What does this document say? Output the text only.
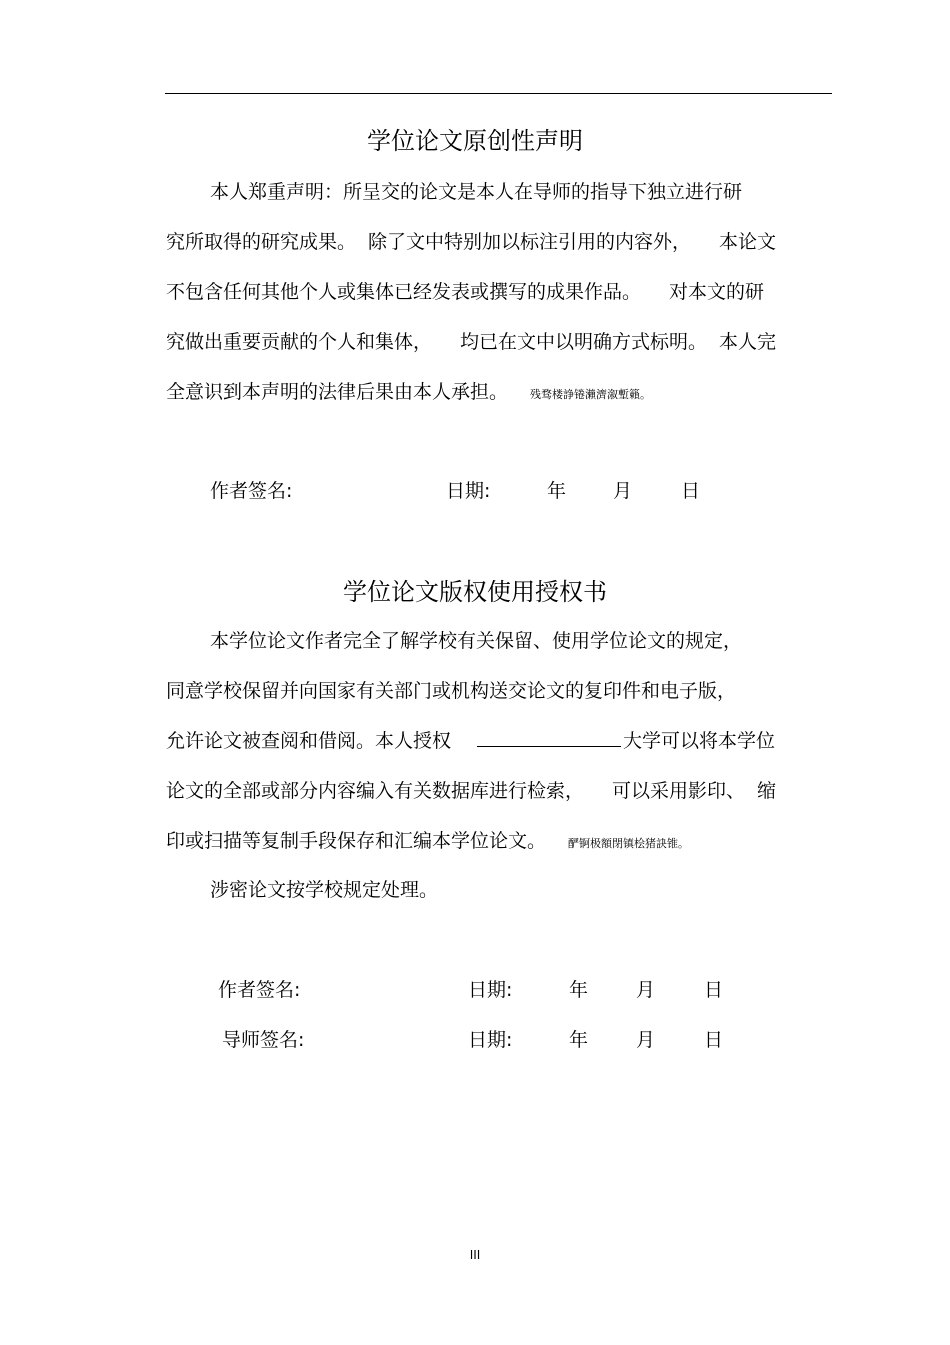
学位论文原创性声明
本人郑重声明：所呈交的论文是本人在导师的指导下独立进行研
究所取得的研究成果。 除了文中特别加以标注引用的内容外， 本论文
不包含任何其他个人或集体已经发表或撰写的成果作品。 对本文的研
究做出重要贡献的个人和集体， 均已在文中以明确方式标明。 本人完
全意识到本声明的法律后果由本人承担。 残骛楼諍锩瀨濟溆塹籟。
作者签名:	日期:	年 月	日
学位论文版权使用授权书
本学位论文作者完全了解学校有关保留、使用学位论文的规定，
同意学校保留并向国家有关部门或机构送交论文的复印件和电子版，
允许论文被查阅和借阅。本人授权	大学可以将本学位
论文的全部或部分内容编入有关数据库进行检索， 可以采用影印、 缩
印或扫描等复制手段保存和汇编本学位论文。 酽锕极額閉镇桧猪訣锥。
涉密论文按学校规定处理。
作者签名:	日期:	年	月	日
导师签名:	日期:	年	月	日
III
